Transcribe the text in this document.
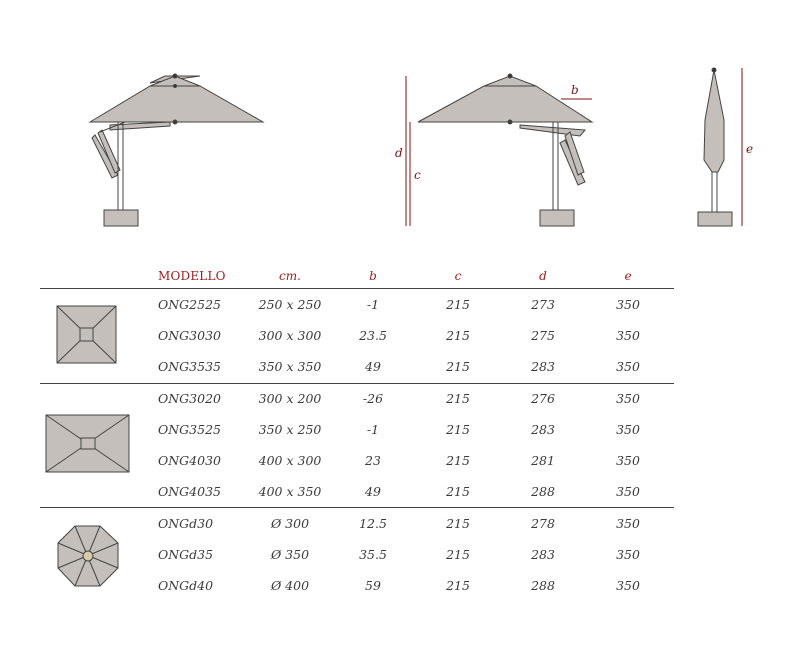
b
d
c
e
MODELLO	cm.	b	c	d	e
ONG2525	250 x 250	-1	215	273	350
ONG3030	300 x 300	23.5	215	275	350
ONG3535	350 x 350	49	215	283	350
ONG3020	300 x 200	-26	215	276	350
ONG3525	350 x 250	-1	215	283	350
ONG4030	400 x 300	23	215	281	350
ONG4035	400 x 350	49	215	288	350
ONGd30	Ø 300	12.5	215	278	350
ONGd35	Ø 350	35.5	215	283	350
ONGd40	Ø 400	59	215	288	350
